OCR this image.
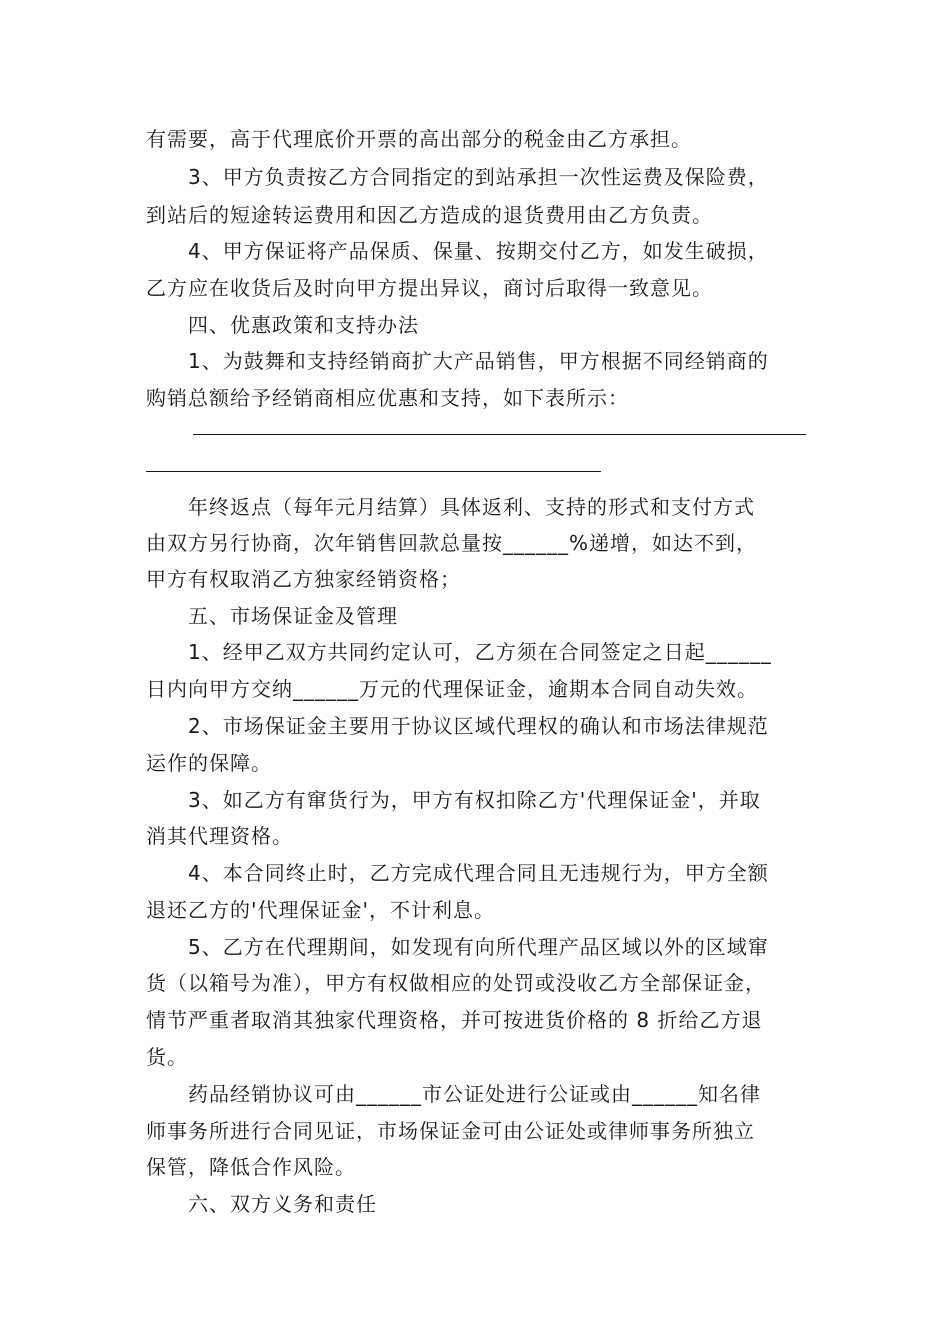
有需要，高于代理底价开票的高出部分的税金由乙方承担。
3、甲方负责按乙方合同指定的到站承担一次性运费及保险费，
到站后的短途转运费用和因乙方造成的退货费用由乙方负责。
4、甲方保证将产品保质、保量、按期交付乙方，如发生破损，
乙方应在收货后及时向甲方提出异议，商讨后取得一致意见。
四、优惠政策和支持办法
1、为鼓舞和支持经销商扩大产品销售，甲方根据不同经销商的
购销总额给予经销商相应优惠和支持，如下表所示：
年终返点（每年元月结算）具体返利、支持的形式和支付方式
由双方另行协商，次年销售回款总量按______%递增，如达不到，
甲方有权取消乙方独家经销资格；
五、市场保证金及管理
1、经甲乙双方共同约定认可，乙方须在合同签定之日起______
日内向甲方交纳______万元的代理保证金，逾期本合同自动失效。
2、市场保证金主要用于协议区域代理权的确认和市场法律规范
运作的保障。
3、如乙方有窜货行为，甲方有权扣除乙方'代理保证金'，并取
消其代理资格。
4、本合同终止时，乙方完成代理合同且无违规行为，甲方全额
退还乙方的'代理保证金'，不计利息。
5、乙方在代理期间，如发现有向所代理产品区域以外的区域窜
货（以箱号为准），甲方有权做相应的处罚或没收乙方全部保证金，
情节严重者取消其独家代理资格，并可按进货价格的 8 折给乙方退
货。
药品经销协议可由______市公证处进行公证或由______知名律
师事务所进行合同见证，市场保证金可由公证处或律师事务所独立
保管，降低合作风险。
六、双方义务和责任
